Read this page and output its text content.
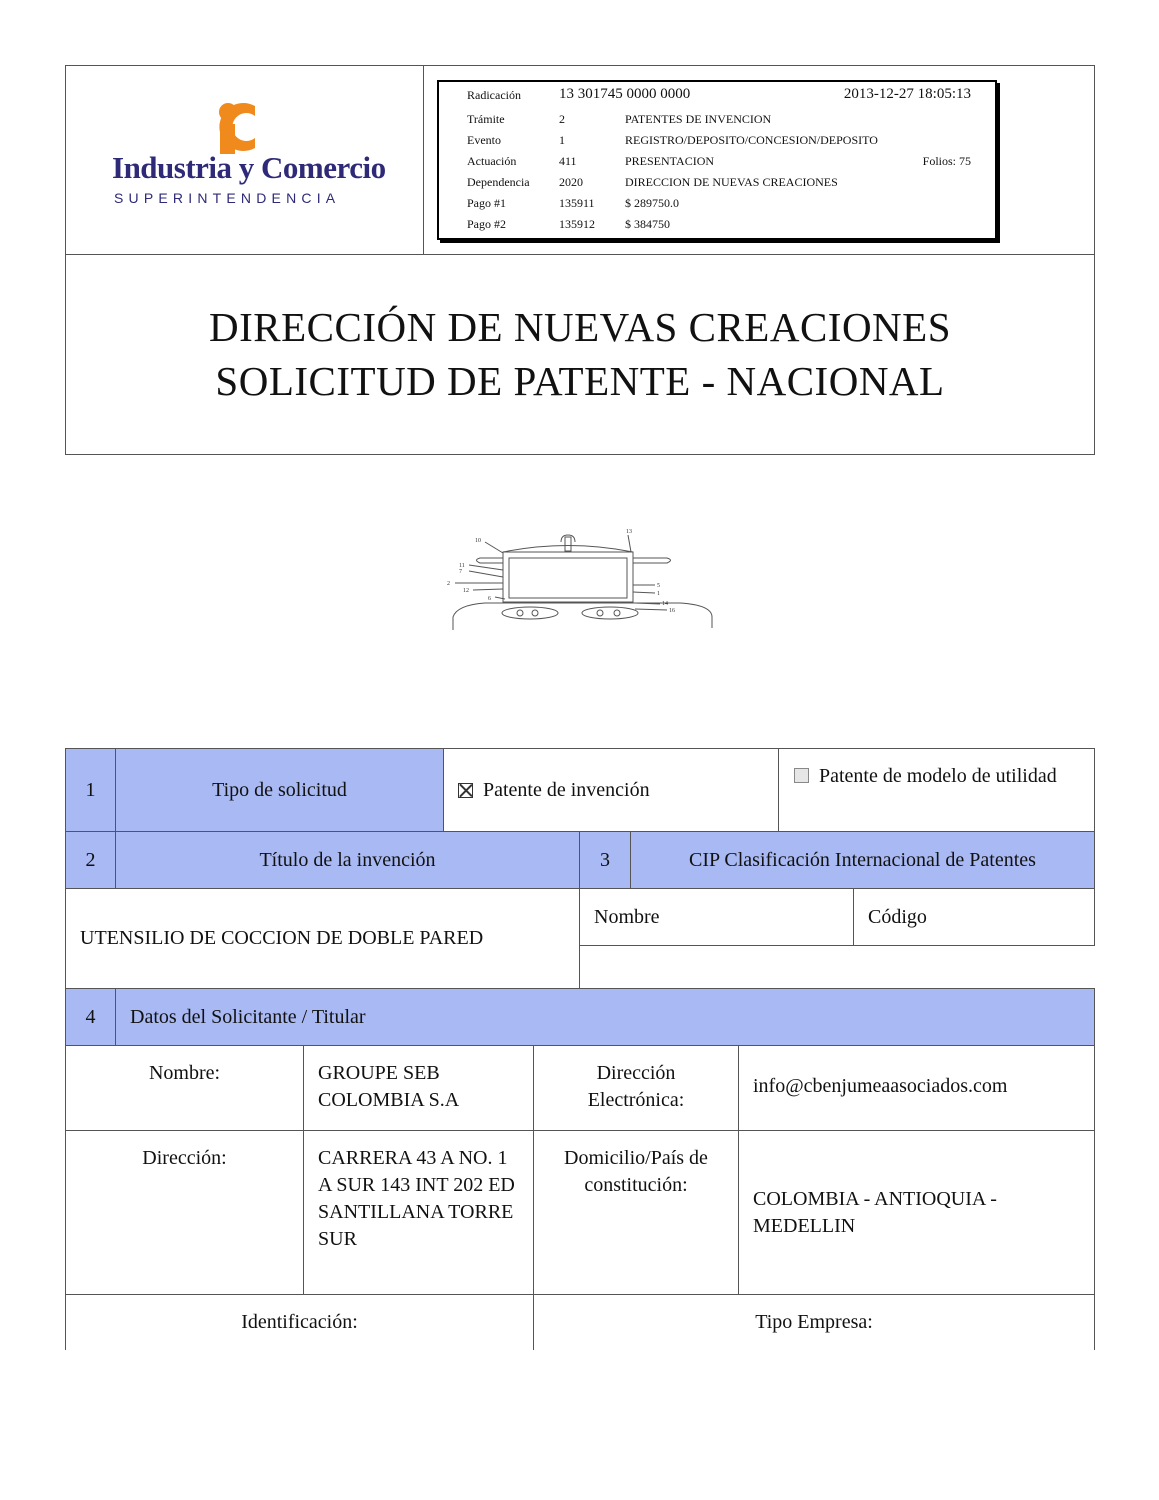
Industria y Comercio
SUPERINTENDENCIA
Radicación	13 301745 0000 0000	2013-12-27 18:05:13
Trámite	2	PATENTES DE INVENCION
Evento	1	REGISTRO/DEPOSITO/CONCESION/DEPOSITO
Actuación	411	PRESENTACION	Folios: 75
Dependencia 2020	DIRECCION DE NUEVAS CREACIONES
Pago #1	135911	$ 289750.0
Pago #2	135912	$ 384750
DIRECCIÓN DE NUEVAS CREACIONES
SOLICITUD DE PATENTE - NACIONAL
10
13
11
7
2
12
6
5
1
14
16
1	Tipo de solicitud	Patente de invención
Patente de modelo de utilidad
2	Título de la invención	3	CIP Clasificación Internacional de Patentes
UTENSILIO DE COCCION DE DOBLE PARED
Nombre	Código
4	Datos del Solicitante / Titular
Nombre:	GROUPE SEB COLOMBIA S.A
Dirección Electrónica:
info@cbenjumeaasociados.com
Dirección:	CARRERA 43 A NO. 1 A SUR 143 INT 202 ED SANTILLANA TORRE SUR
Domicilio/País de constitución:
COLOMBIA - ANTIOQUIA - MEDELLIN
Identificación:	Tipo Empresa:
